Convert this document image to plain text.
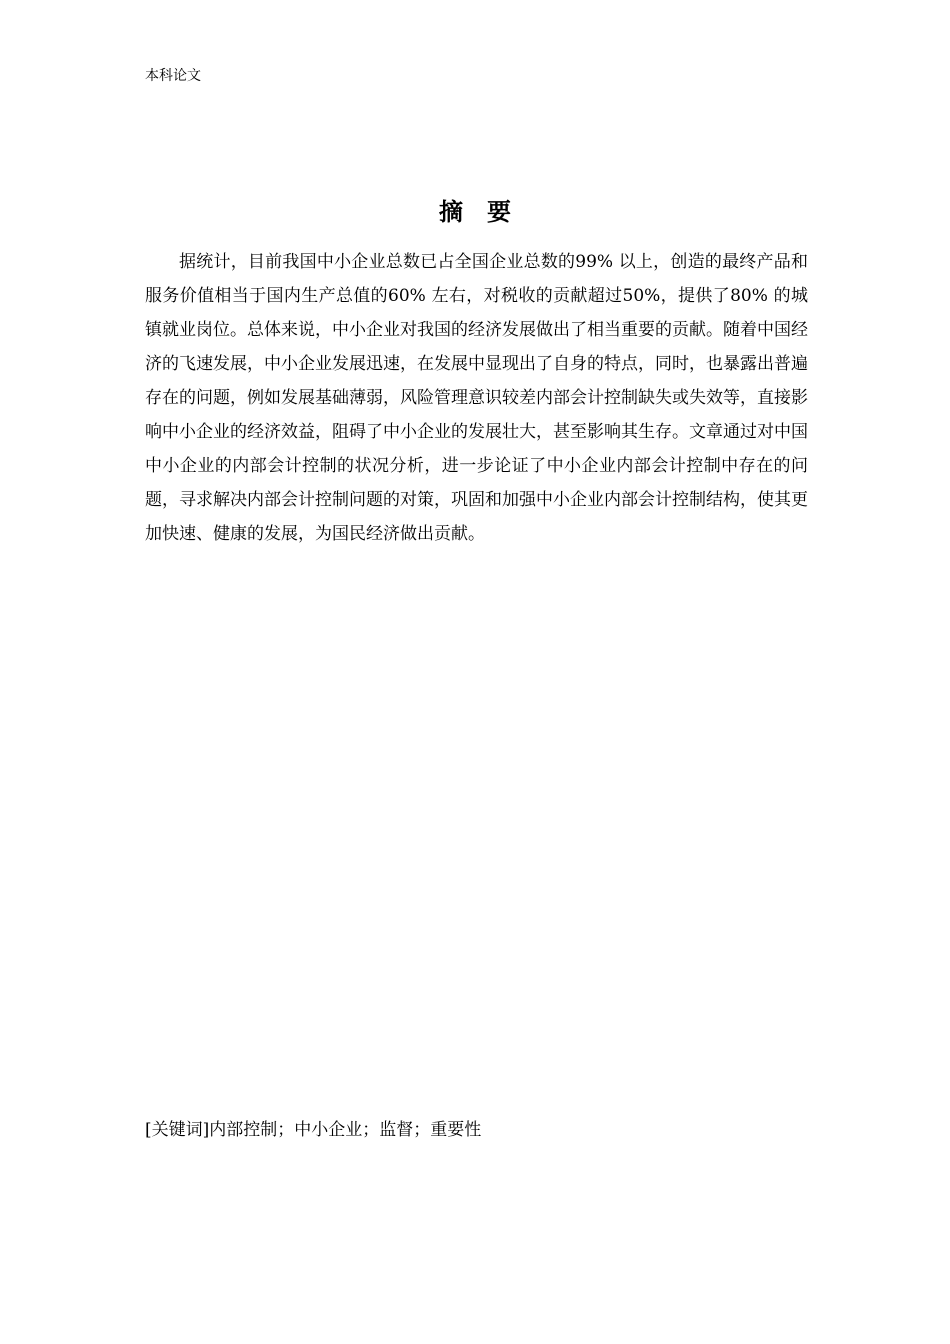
本科论文
摘要

据统计，目前我国中小企业总数已占全国企业总数的99% 以上，创造的最终产品和服务价值相当于国内生产总值的60% 左右，对税收的贡献超过50%，提供了80% 的城镇就业岗位。总体来说，中小企业对我国的经济发展做出了相当重要的贡献。随着中国经济的飞速发展，中小企业发展迅速，在发展中显现出了自身的特点，同时，也暴露出普遍存在的问题，例如发展基础薄弱，风险管理意识较差内部会计控制缺失或失效等，直接影响中小企业的经济效益，阻碍了中小企业的发展壮大，甚至影响其生存。文章通过对中国中小企业的内部会计控制的状况分析，进一步论证了中小企业内部会计控制中存在的问题，寻求解决内部会计控制问题的对策，巩固和加强中小企业内部会计控制结构，使其更加快速、健康的发展，为国民经济做出贡献。

[关键词]内部控制；中小企业；监督；重要性
